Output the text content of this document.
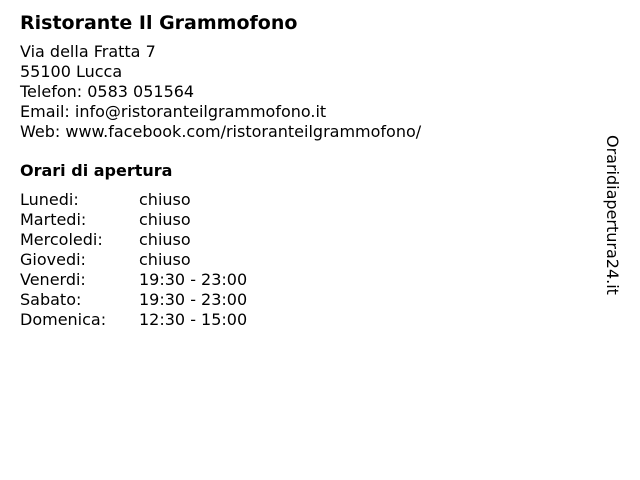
Ristorante Il Grammofono
Via della Fratta 7
55100 Lucca
Telefon: 0583 051564
Email: info@ristoranteilgrammofono.it
Web: www.facebook.com/ristoranteilgrammofono/
Orari di apertura
Lunedi:	chiuso
Martedi:	chiuso
Mercoledi:	chiuso
Giovedi:	chiuso
Venerdi:	19:30 - 23:00
Sabato:	19:30 - 23:00
Domenica:	12:30 - 15:00
Oraridiapertura24.it
